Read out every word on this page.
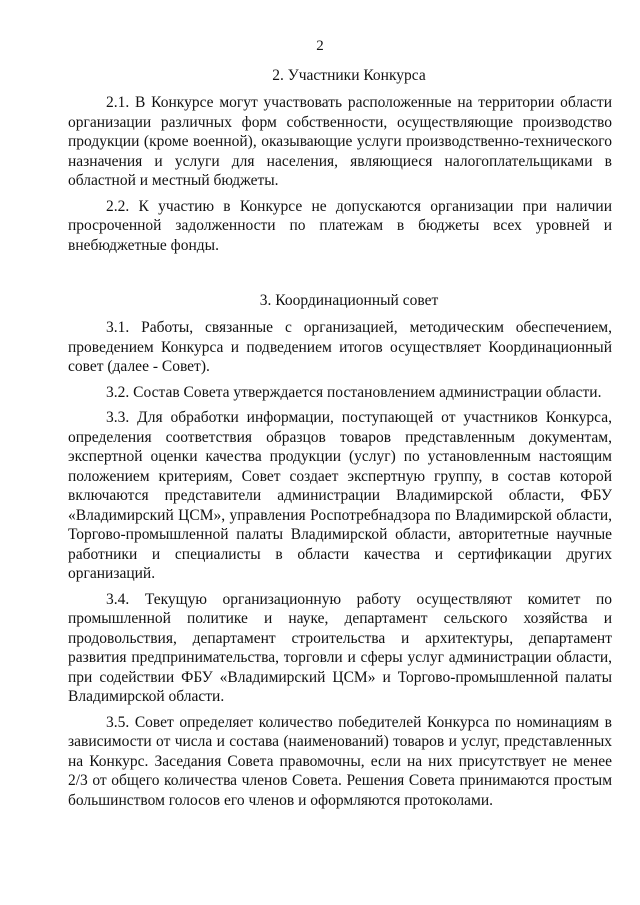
2
2. Участники Конкурса

2.1. В Конкурсе могут участвовать расположенные на территории области организации различных форм собственности, осуществляющие производство продукции (кроме военной), оказывающие услуги производственно-технического назначения и услуги для населения, являющиеся налогоплательщиками в областной и местный бюджеты.

2.2. К участию в Конкурсе не допускаются организации при наличии просроченной задолженности по платежам в бюджеты всех уровней и внебюджетные фонды.

3. Координационный совет

3.1. Работы, связанные с организацией, методическим обеспечением, проведением Конкурса и подведением итогов осуществляет Координационный совет (далее - Совет).

3.2. Состав Совета утверждается постановлением администрации области.

3.3. Для обработки информации, поступающей от участников Конкурса, определения соответствия образцов товаров представленным документам, экспертной оценки качества продукции (услуг) по установленным настоящим положением критериям, Совет создает экспертную группу, в состав которой включаются представители администрации Владимирской области, ФБУ «Владимирский ЦСМ», управления Роспотребнадзора по Владимирской области, Торгово-промышленной палаты Владимирской области, авторитетные научные работники и специалисты в области качества и сертификации других организаций.

3.4. Текущую организационную работу осуществляют комитет по промышленной политике и науке, департамент сельского хозяйства и продовольствия, департамент строительства и архитектуры, департамент развития предпринимательства, торговли и сферы услуг администрации области, при содействии ФБУ «Владимирский ЦСМ» и Торгово-промышленной палаты Владимирской области.

3.5. Совет определяет количество победителей Конкурса по номинациям в зависимости от числа и состава (наименований) товаров и услуг, представленных на Конкурс. Заседания Совета правомочны, если на них присутствует не менее 2/3 от общего количества членов Совета. Решения Совета принимаются простым большинством голосов его членов и оформляются протоколами.
